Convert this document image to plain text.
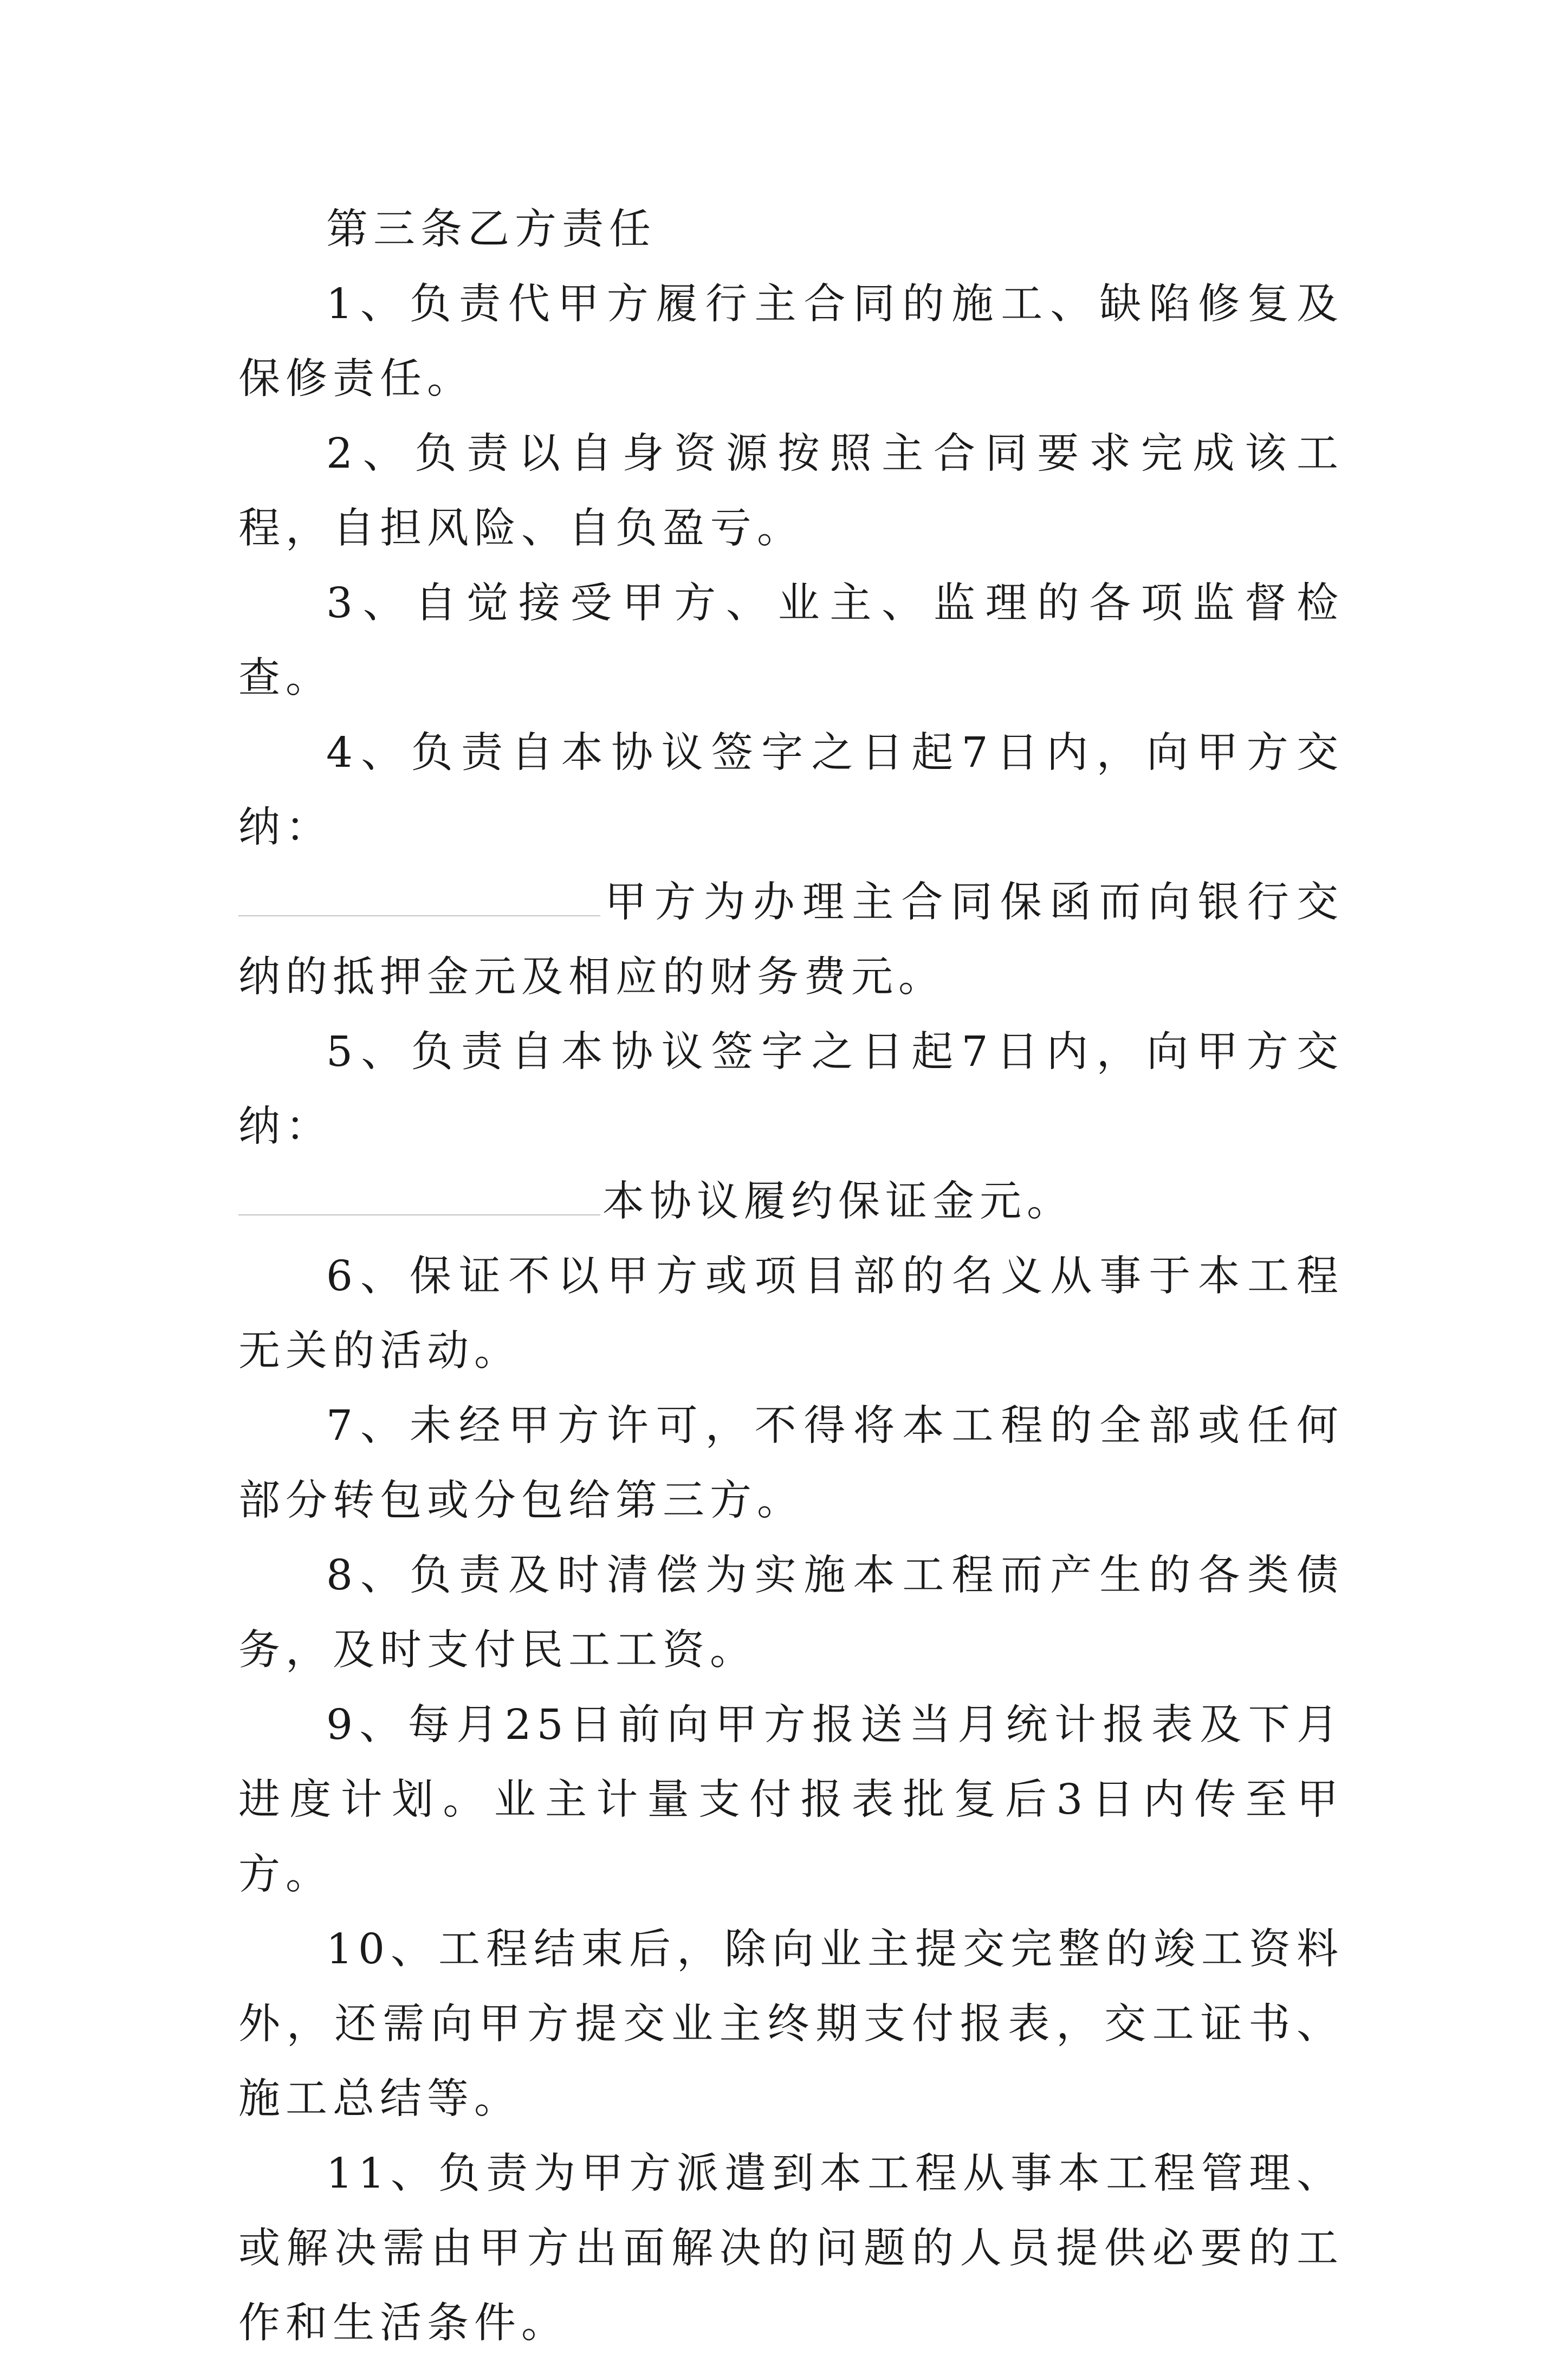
第三条乙方责任

1、负责代甲方履行主合同的施工、缺陷修复及保修责任。

2、负责以自身资源按照主合同要求完成该工程，自担风险、自负盈亏。

3、自觉接受甲方、业主、监理的各项监督检查。

4、负责自本协议签字之日起7日内，向甲方交纳：

甲方为办理主合同保函而向银行交纳的抵押金元及相应的财务费元。

5、负责自本协议签字之日起7日内，向甲方交纳：

本协议履约保证金元。

6、保证不以甲方或项目部的名义从事于本工程无关的活动。

7、未经甲方许可，不得将本工程的全部或任何部分转包或分包给第三方。

8、负责及时清偿为实施本工程而产生的各类债务，及时支付民工工资。

9、每月25日前向甲方报送当月统计报表及下月进度计划。业主计量支付报表批复后3日内传至甲方。

10、工程结束后，除向业主提交完整的竣工资料外，还需向甲方提交业主终期支付报表，交工证书、施工总结等。

11、负责为甲方派遣到本工程从事本工程管理、或解决需由甲方出面解决的问题的人员提供必要的工作和生活条件。
